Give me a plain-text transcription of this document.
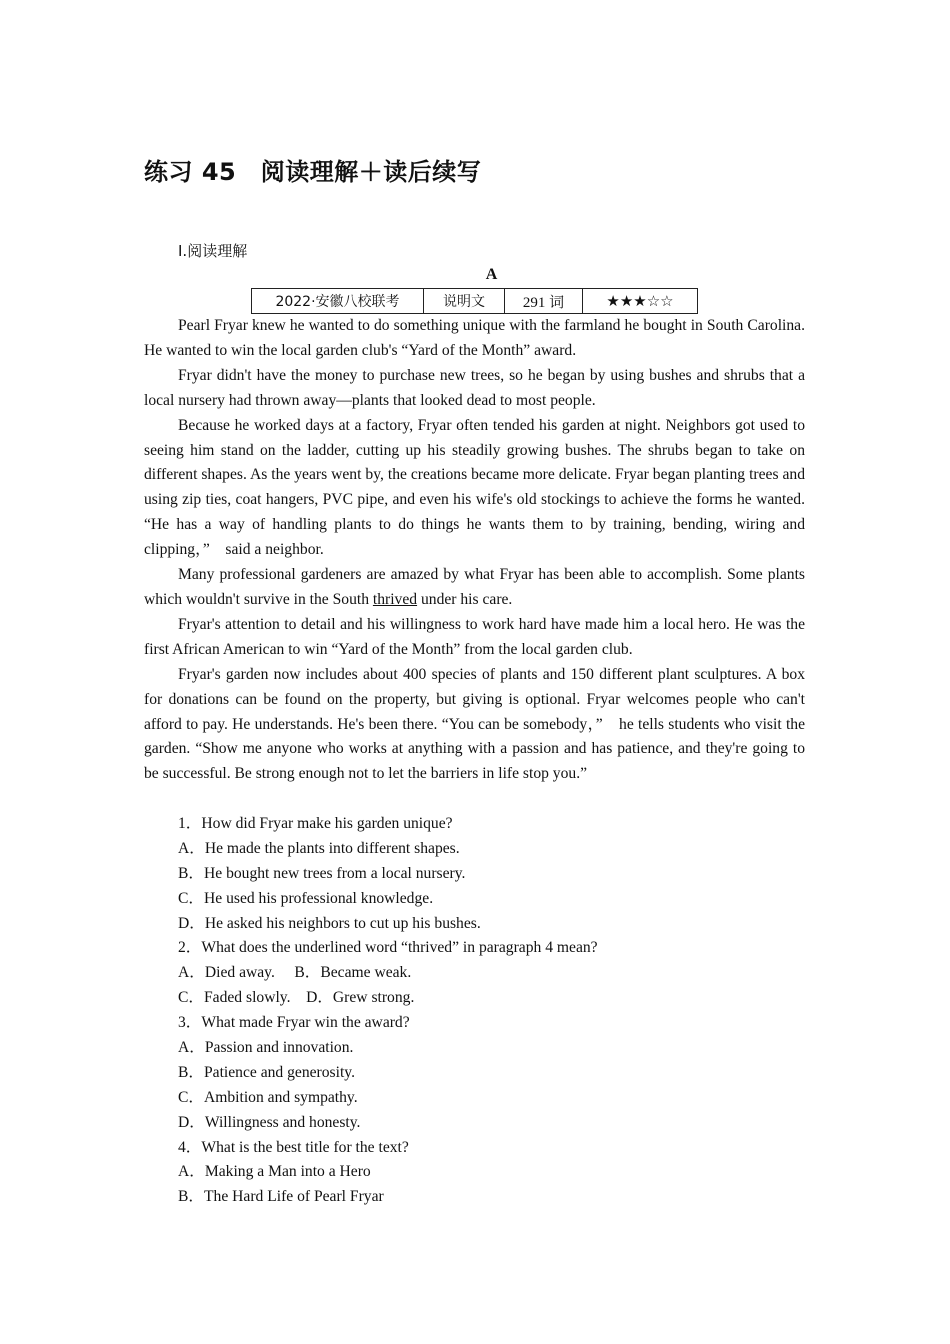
练习 45　阅读理解＋读后续写
Ⅰ.阅读理解
A
2022·安徽八校联考	说明文	291 词	★★★☆☆

Pearl Fryar knew he wanted to do something unique with the farmland he bought in South Carolina. He wanted to win the local garden club's “Yard of the Month” award.

Fryar didn't have the money to purchase new trees, so he began by using bushes and shrubs that a local nursery had thrown away—plants that looked dead to most people.

Because he worked days at a factory, Fryar often tended his garden at night. Neighbors got used to seeing him stand on the ladder, cutting up his steadily growing bushes. The shrubs began to take on different shapes. As the years went by, the creations became more delicate. Fryar began planting trees and using zip ties, coat hangers, PVC pipe, and even his wife's old stockings to achieve the forms he wanted. “He has a way of handling plants to do things he wants them to by training, bending, wiring and clipping，”　said a neighbor.

Many professional gardeners are amazed by what Fryar has been able to accomplish. Some plants which wouldn't survive in the South thrived under his care.

Fryar's attention to detail and his willingness to work hard have made him a local hero. He was the first African American to win “Yard of the Month” from the local garden club.

Fryar's garden now includes about 400 species of plants and 150 different plant sculptures. A box for donations can be found on the property, but giving is optional. Fryar welcomes people who can't afford to pay. He understands. He's been there. “You can be somebody，”　he tells students who visit the garden. “Show me anyone who works at anything with a passion and has patience, and they're going to be successful. Be strong enough not to let the barriers in life stop you.”

1．How did Fryar make his garden unique?
A．He made the plants into different shapes.
B．He bought new trees from a local nursery.
C．He used his professional knowledge.
D．He asked his neighbors to cut up his bushes.
2．What does the underlined word “thrived” in paragraph 4 mean?
A．Died away.　 B．Became weak.
C．Faded slowly.　D．Grew strong.
3．What made Fryar win the award?
A．Passion and innovation.
B．Patience and generosity.
C．Ambition and sympathy.
D．Willingness and honesty.
4．What is the best title for the text?
A．Making a Man into a Hero
B．The Hard Life of Pearl Fryar
